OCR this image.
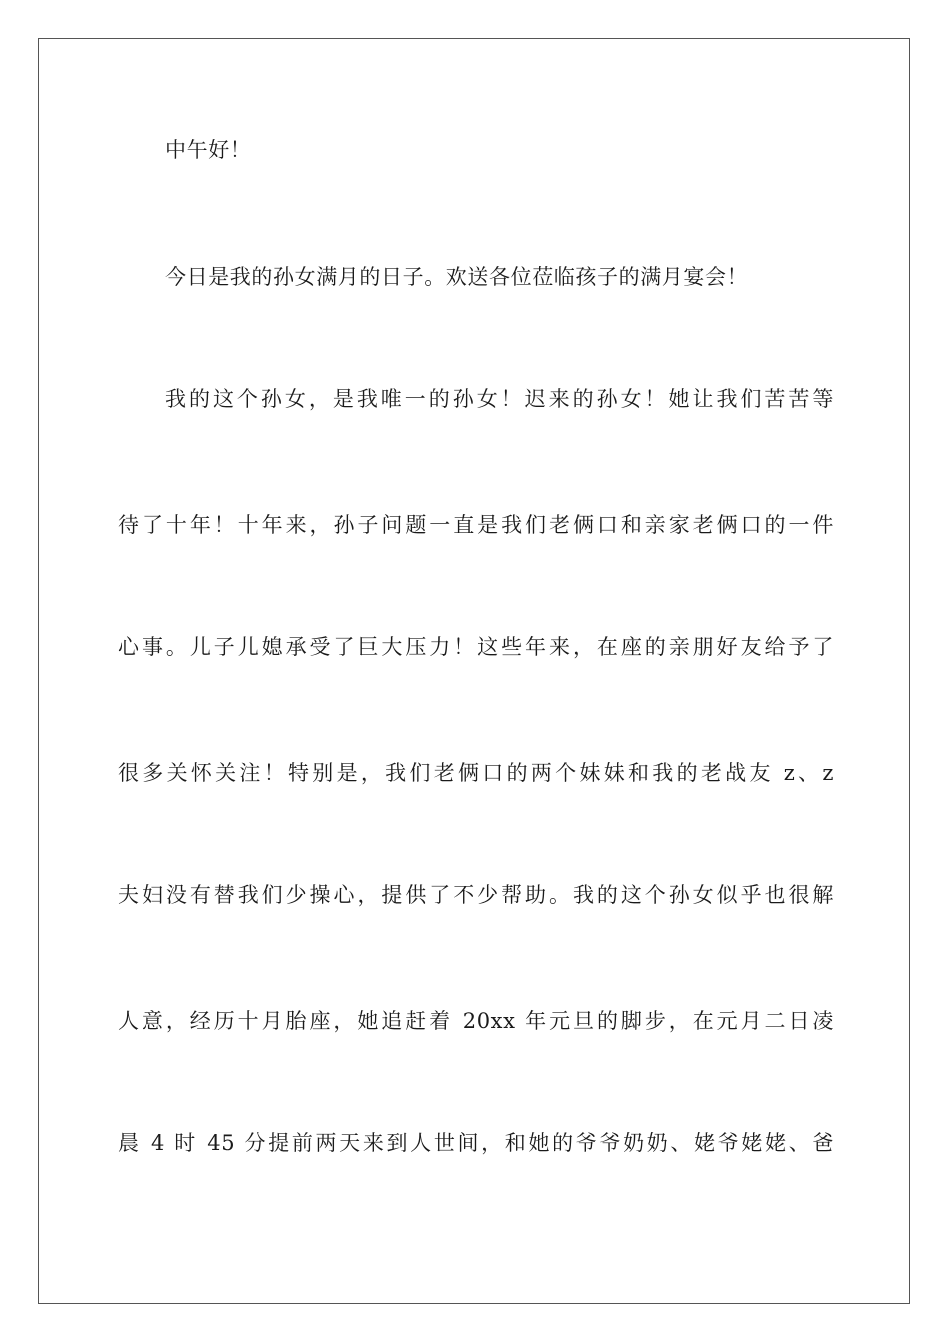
中午好！
今日是我的孙女满月的日子。欢送各位莅临孩子的满月宴会！
我的这个孙女，是我唯一的孙女！迟来的孙女！她让我们苦苦等
待了十年！十年来，孙子问题一直是我们老俩口和亲家老俩口的一件
心事。儿子儿媳承受了巨大压力！这些年来，在座的亲朋好友给予了
很多关怀关注！特别是，我们老俩口的两个妹妹和我的老战友 z、z
夫妇没有替我们少操心，提供了不少帮助。我的这个孙女似乎也很解
人意，经历十月胎座，她追赶着 20xx 年元旦的脚步，在元月二日凌
晨 4 时 45 分提前两天来到人世间，和她的爷爷奶奶、姥爷姥姥、爸
